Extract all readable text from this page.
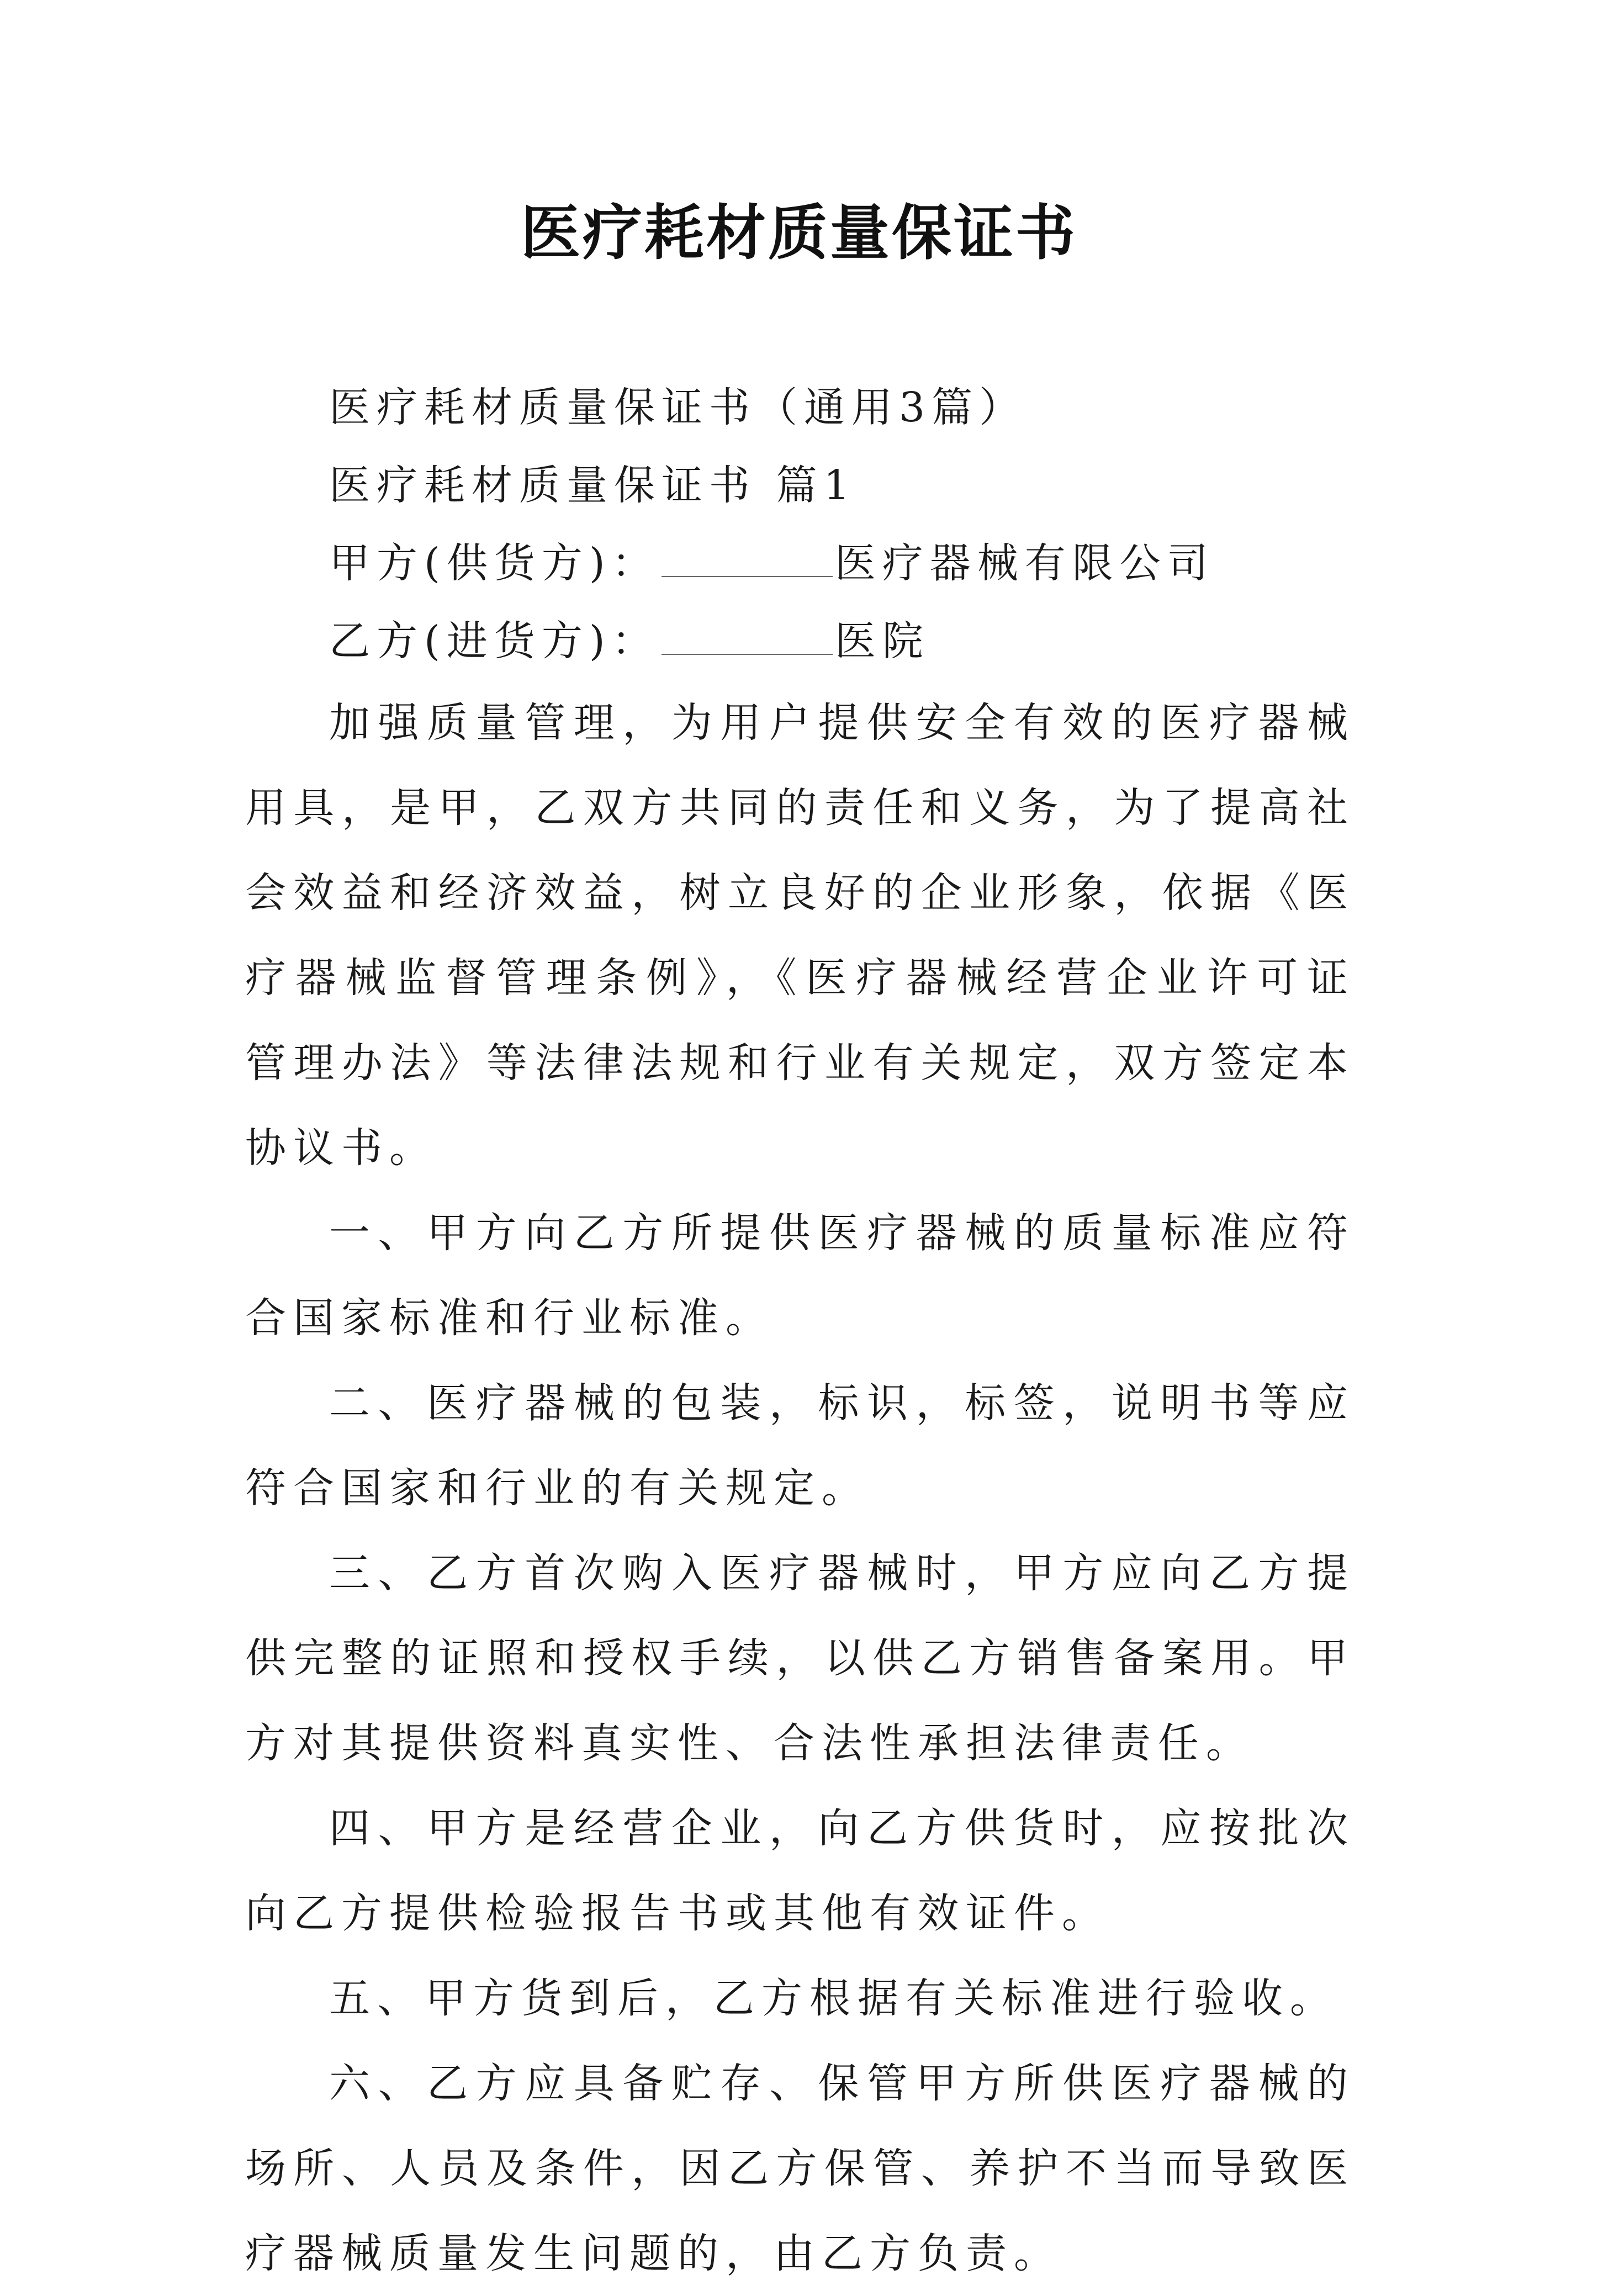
医疗耗材质量保证书
医疗耗材质量保证书（通用3篇）
医疗耗材质量保证书 篇1
甲方(供货方)：	医疗器械有限公司
乙方(进货方)：	医院

加强质量管理，为用户提供安全有效的医疗器械用具，是甲，乙双方共同的责任和义务，为了提高社会效益和经济效益，树立良好的企业形象，依据《医疗器械监督管理条例》，《医疗器械经营企业许可证管理办法》等法律法规和行业有关规定，双方签定本协议书。

一、甲方向乙方所提供医疗器械的质量标准应符合国家标准和行业标准。

二、医疗器械的包装，标识，标签，说明书等应符合国家和行业的有关规定。

三、乙方首次购入医疗器械时，甲方应向乙方提供完整的证照和授权手续，以供乙方销售备案用。甲方对其提供资料真实性、合法性承担法律责任。

四、甲方是经营企业，向乙方供货时，应按批次向乙方提供检验报告书或其他有效证件。

五、甲方货到后，乙方根据有关标准进行验收。

六、乙方应具备贮存、保管甲方所供医疗器械的场所、人员及条件，因乙方保管、养护不当而导致医疗器械质量发生问题的，由乙方负责。
